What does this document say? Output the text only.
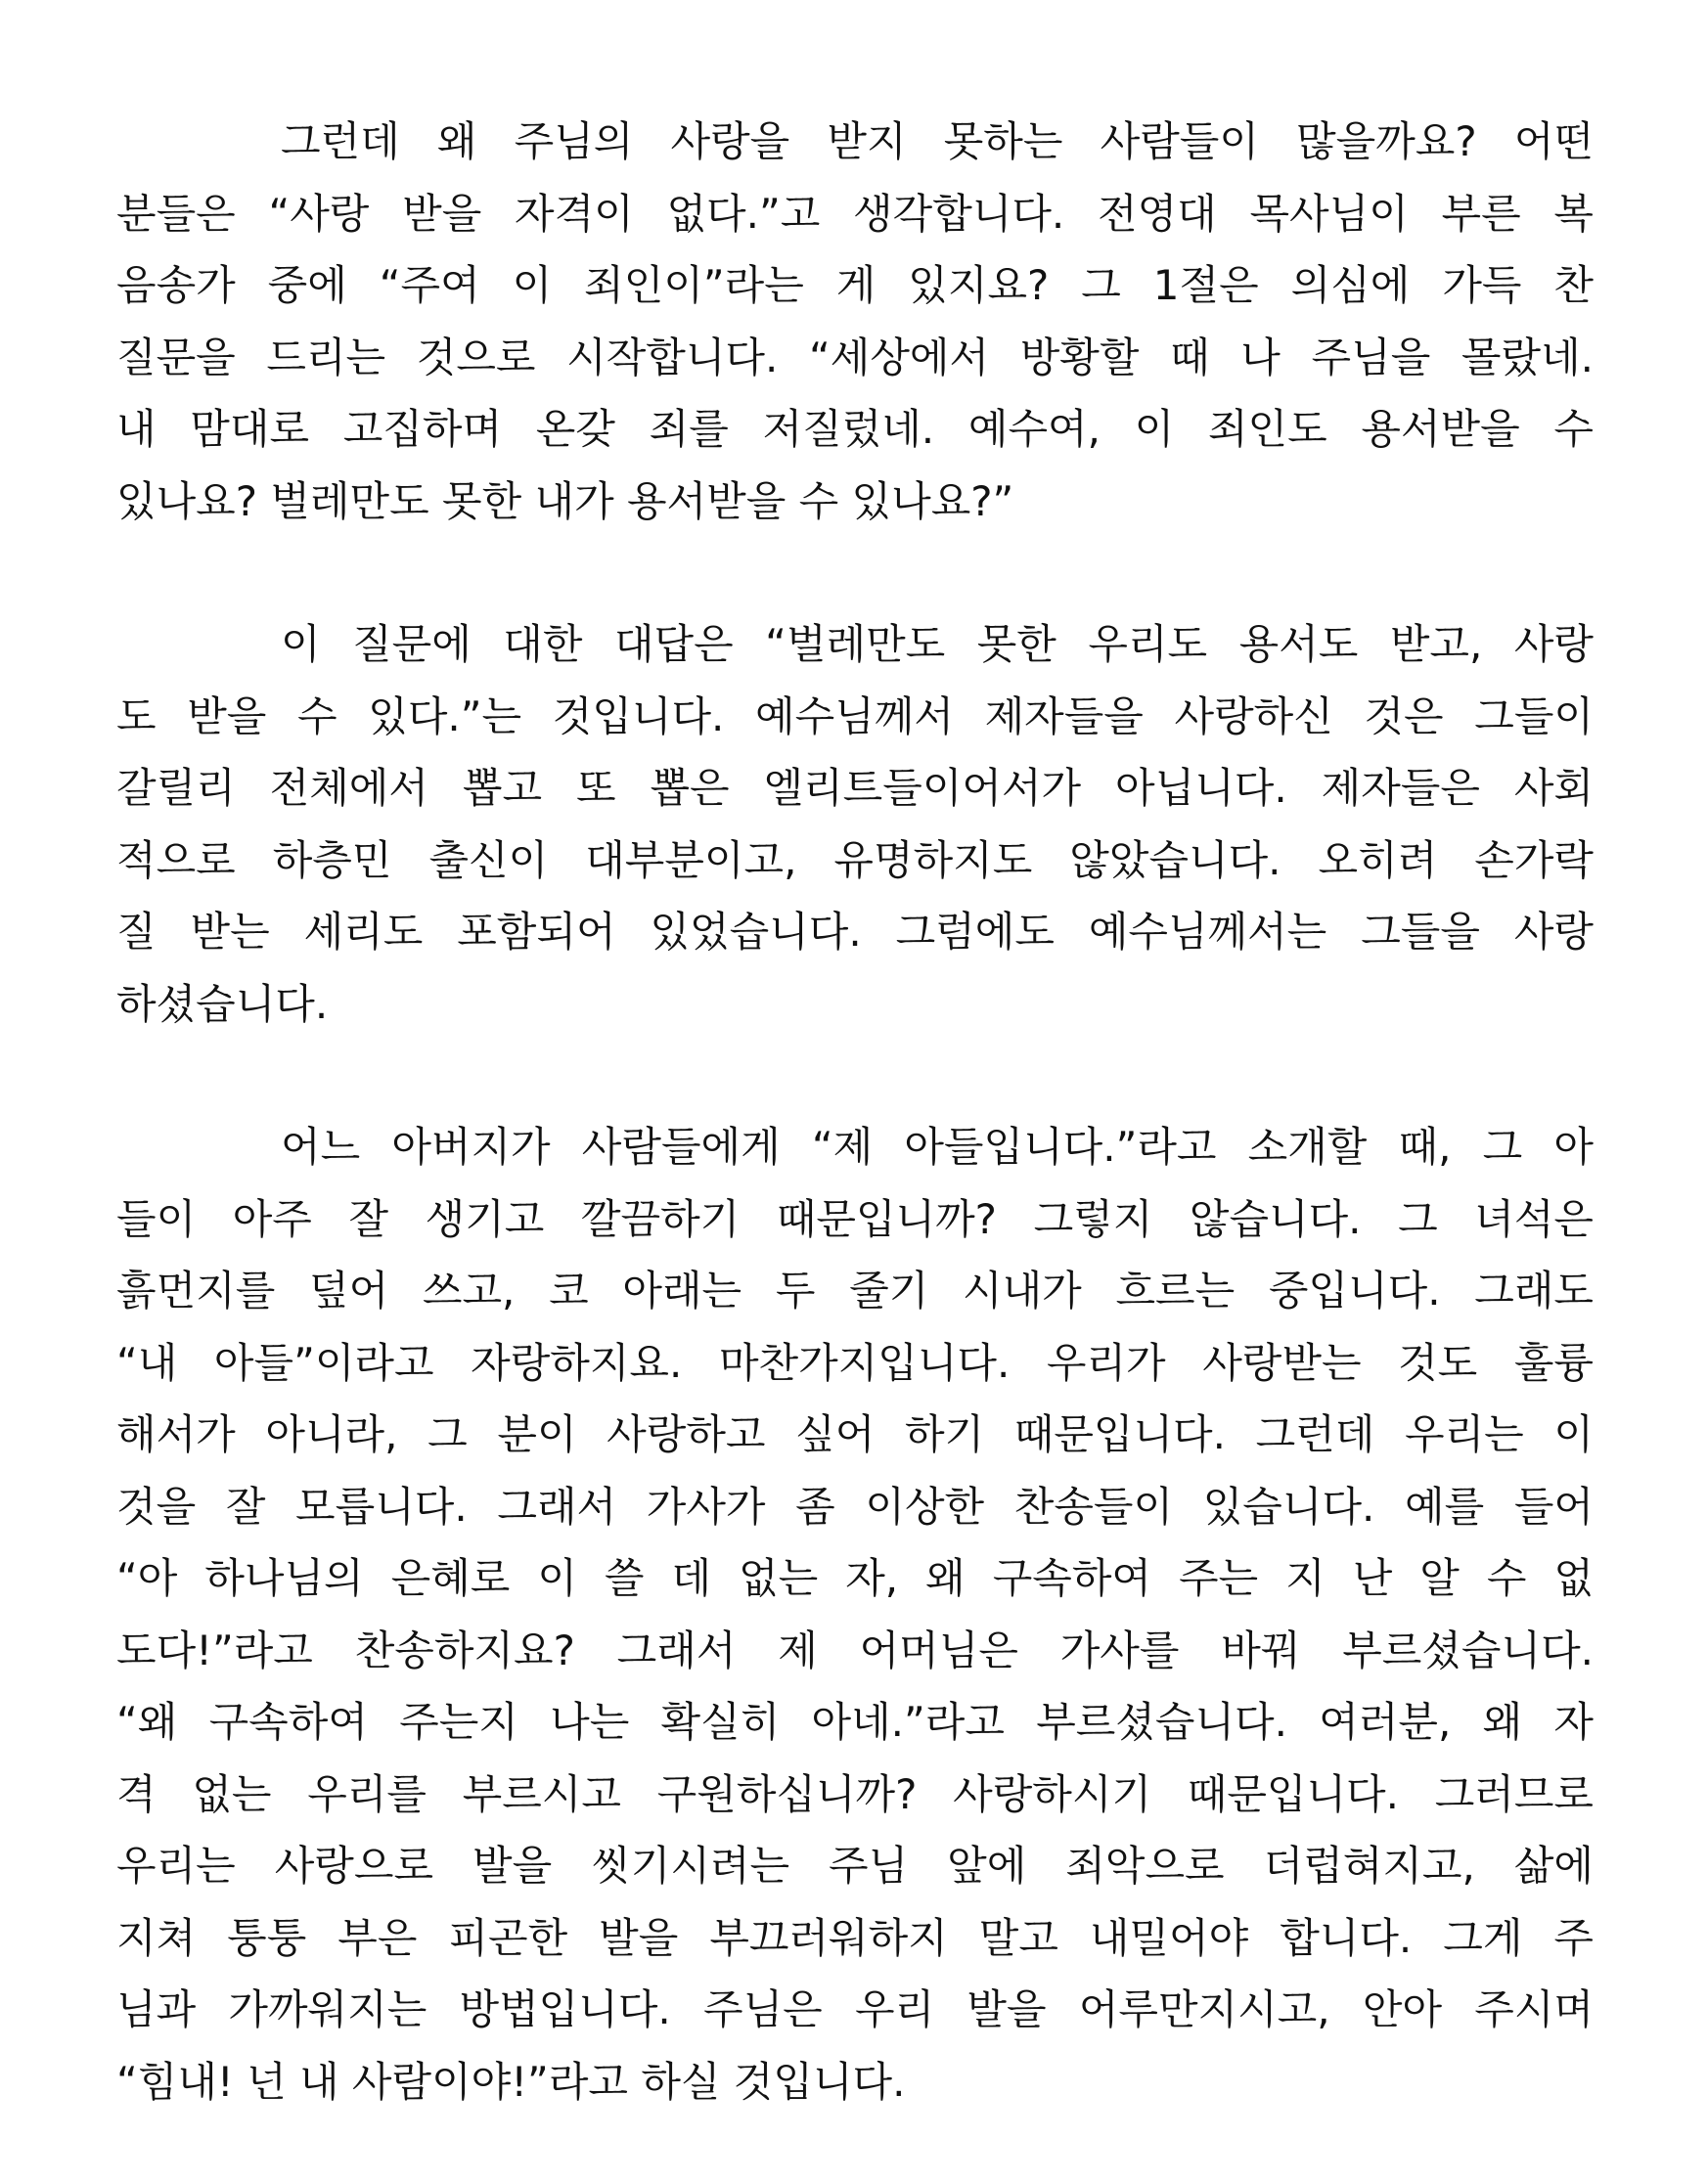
그런데 왜 주님의 사랑을 받지 못하는 사람들이 많을까요? 어떤
분들은 “사랑 받을 자격이 없다.”고 생각합니다. 전영대 목사님이 부른 복
음송가 중에 “주여 이 죄인이”라는 게 있지요? 그 1절은 의심에 가득 찬
질문을 드리는 것으로 시작합니다. “세상에서 방황할 때 나 주님을 몰랐네.
내 맘대로 고집하며 온갖 죄를 저질렀네. 예수여, 이 죄인도 용서받을 수
있나요? 벌레만도 못한 내가 용서받을 수 있나요?”
이 질문에 대한 대답은 “벌레만도 못한 우리도 용서도 받고, 사랑
도 받을 수 있다.”는 것입니다. 예수님께서 제자들을 사랑하신 것은 그들이
갈릴리 전체에서 뽑고 또 뽑은 엘리트들이어서가 아닙니다. 제자들은 사회
적으로 하층민 출신이 대부분이고, 유명하지도 않았습니다. 오히려 손가락
질 받는 세리도 포함되어 있었습니다. 그럼에도 예수님께서는 그들을 사랑
하셨습니다.
어느 아버지가 사람들에게 “제 아들입니다.”라고 소개할 때, 그 아
들이 아주 잘 생기고 깔끔하기 때문입니까? 그렇지 않습니다. 그 녀석은
흙먼지를 덮어 쓰고, 코 아래는 두 줄기 시내가 흐르는 중입니다. 그래도
“내 아들”이라고 자랑하지요. 마찬가지입니다. 우리가 사랑받는 것도 훌륭
해서가 아니라, 그 분이 사랑하고 싶어 하기 때문입니다. 그런데 우리는 이
것을 잘 모릅니다. 그래서 가사가 좀 이상한 찬송들이 있습니다. 예를 들어
“아 하나님의 은혜로 이 쓸 데 없는 자, 왜 구속하여 주는 지 난 알 수 없
도다!”라고 찬송하지요? 그래서 제 어머님은 가사를 바꿔 부르셨습니다.
“왜 구속하여 주는지 나는 확실히 아네.”라고 부르셨습니다. 여러분, 왜 자
격 없는 우리를 부르시고 구원하십니까? 사랑하시기 때문입니다. 그러므로
우리는 사랑으로 발을 씻기시려는 주님 앞에 죄악으로 더럽혀지고, 삶에
지쳐 퉁퉁 부은 피곤한 발을 부끄러워하지 말고 내밀어야 합니다. 그게 주
님과 가까워지는 방법입니다. 주님은 우리 발을 어루만지시고, 안아 주시며
“힘내! 넌 내 사람이야!”라고 하실 것입니다.
